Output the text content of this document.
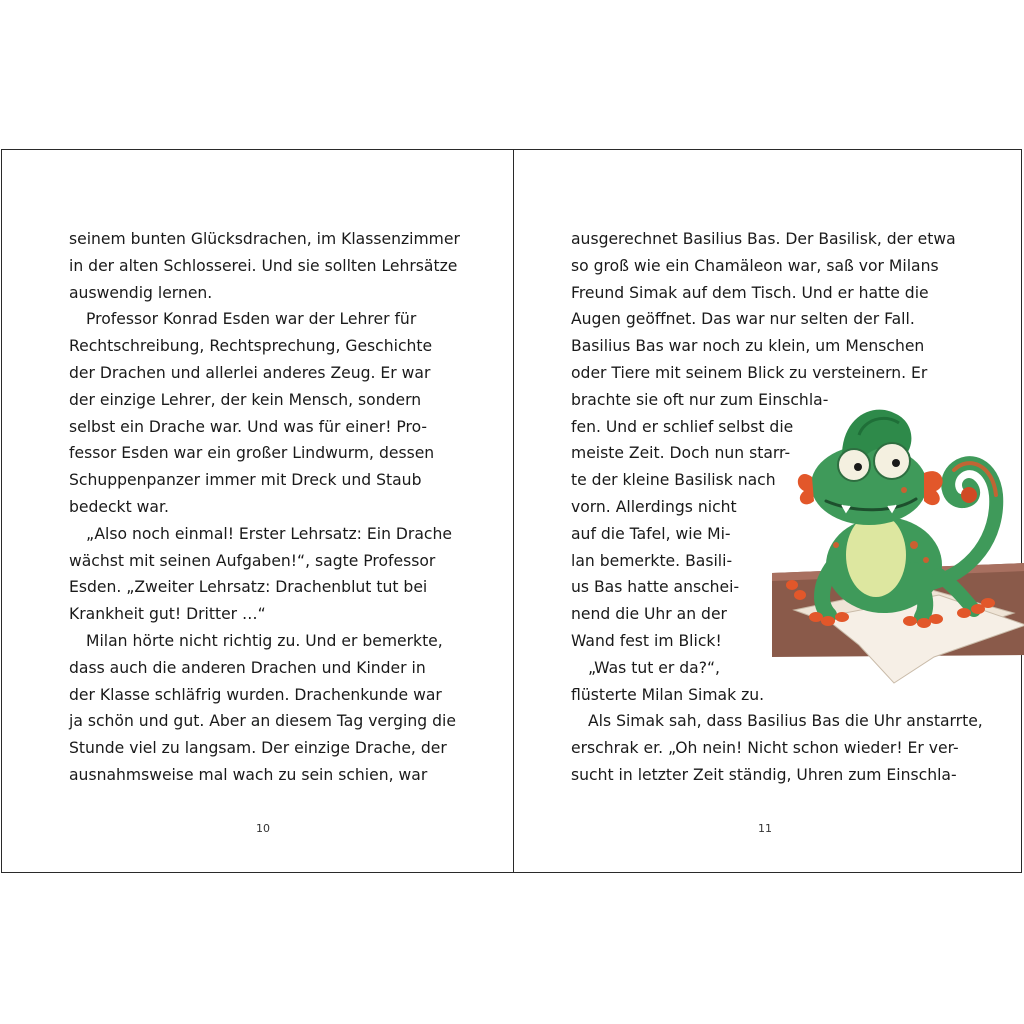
seinem bunten Glücksdrachen, im Klassenzimmer
in der alten Schlosserei. Und sie sollten Lehrsätze
auswendig lernen.
Professor Konrad Esden war der Lehrer für
Rechtschreibung, Rechtsprechung, Geschichte
der Drachen und allerlei anderes Zeug. Er war
der einzige Lehrer, der kein Mensch, sondern
selbst ein Drache war. Und was für einer! Pro-
fessor Esden war ein großer Lindwurm, dessen
Schuppenpanzer immer mit Dreck und Staub
bedeckt war.
„Also noch einmal! Erster Lehrsatz: Ein Drache
wächst mit seinen Aufgaben!“, sagte Professor
Esden. „Zweiter Lehrsatz: Drachenblut tut bei
Krankheit gut! Dritter …“
Milan hörte nicht richtig zu. Und er bemerkte,
dass auch die anderen Drachen und Kinder in
der Klasse schläfrig wurden. Drachenkunde war
ja schön und gut. Aber an diesem Tag verging die
Stunde viel zu langsam. Der einzige Drache, der
ausnahmsweise mal wach zu sein schien, war
10
ausgerechnet Basilius Bas. Der Basilisk, der etwa
so groß wie ein Chamäleon war, saß vor Milans
Freund Simak auf dem Tisch. Und er hatte die
Augen geöffnet. Das war nur selten der Fall.
Basilius Bas war noch zu klein, um Menschen
oder Tiere mit seinem Blick zu versteinern. Er
brachte sie oft nur zum Einschla-
fen. Und er schlief selbst die
meiste Zeit. Doch nun starr-
te der kleine Basilisk nach
vorn. Allerdings nicht
auf die Tafel, wie Mi-
lan bemerkte. Basili-
us Bas hatte anschei-
nend die Uhr an der
Wand fest im Blick!
„Was tut er da?“,
flüsterte Milan Simak zu.
Als Simak sah, dass Basilius Bas die Uhr anstarrte,
erschrak er. „Oh nein! Nicht schon wieder! Er ver-
sucht in letzter Zeit ständig, Uhren zum Einschla-
11
